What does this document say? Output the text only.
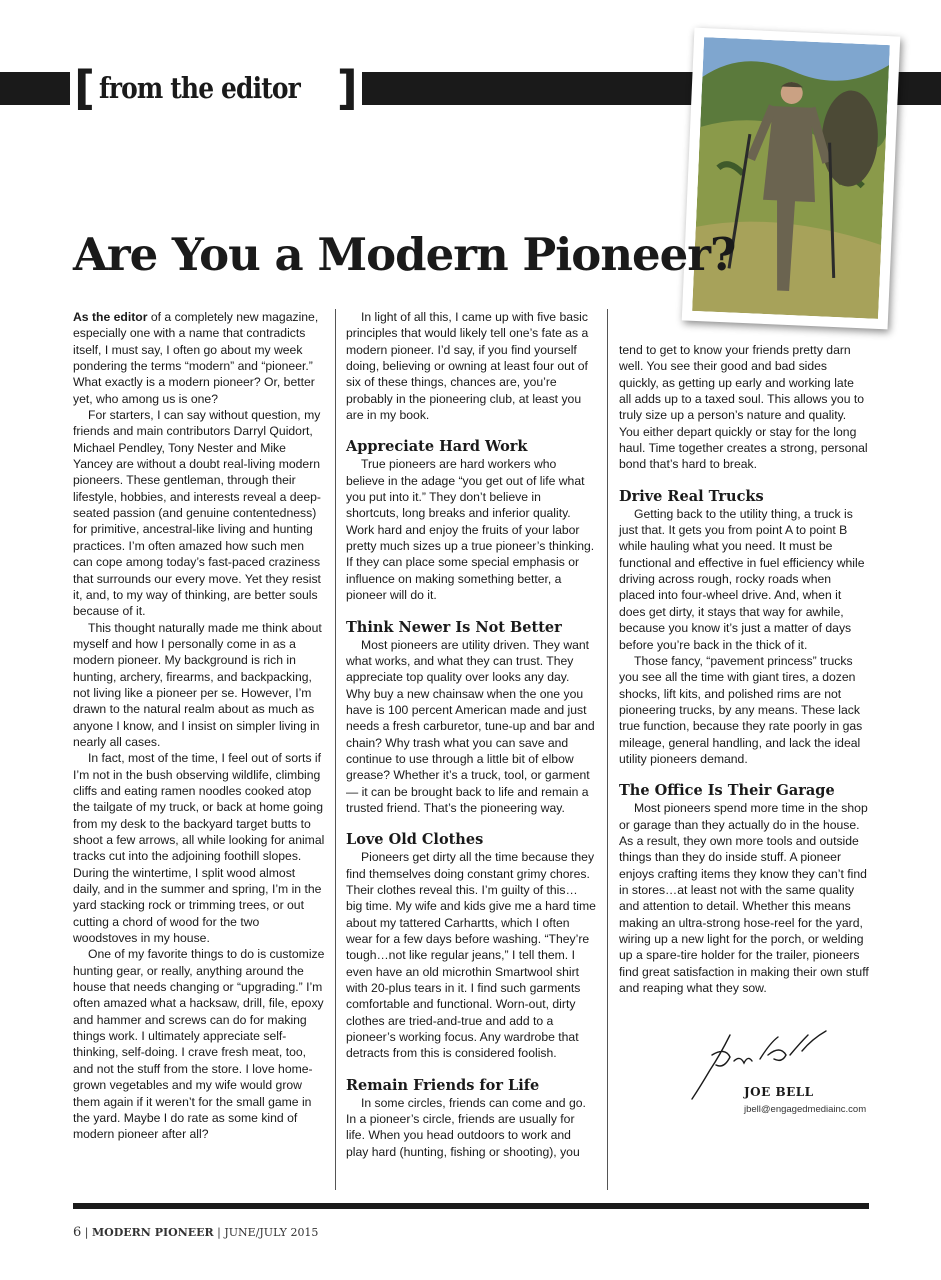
[ from the editor ]
Are You a Modern Pioneer?

As the editor of a completely new magazine, especially one with a name that contradicts itself, I must say, I often go about my week pondering the terms “modern” and “pioneer.” What exactly is a modern pioneer? Or, better yet, who among us is one?

For starters, I can say without question, my friends and main contributors Darryl Quidort, Michael Pendley, Tony Nester and Mike Yancey are without a doubt real-living modern pioneers. These gentleman, through their lifestyle, hobbies, and interests reveal a deep-seated passion (and genuine contentedness) for primitive, ancestral-like living and hunting practices. I’m often amazed how such men can cope among today’s fast-paced craziness that surrounds our every move. Yet they resist it, and, to my way of thinking, are better souls because of it.

This thought naturally made me think about myself and how I personally come in as a modern pioneer. My background is rich in hunting, archery, firearms, and backpacking, not living like a pioneer per se. However, I’m drawn to the natural realm about as much as anyone I know, and I insist on simpler living in nearly all cases.

In fact, most of the time, I feel out of sorts if I’m not in the bush observing wildlife, climbing cliffs and eating ramen noodles cooked atop the tailgate of my truck, or back at home going from my desk to the backyard target butts to shoot a few arrows, all while looking for animal tracks cut into the adjoining foothill slopes. During the wintertime, I split wood almost daily, and in the summer and spring, I’m in the yard stacking rock or trimming trees, or out cutting a chord of wood for the two woodstoves in my house.

One of my favorite things to do is customize hunting gear, or really, anything around the house that needs changing or “upgrading.” I’m often amazed what a hacksaw, drill, file, epoxy and hammer and screws can do for making things work. I ultimately appreciate self-thinking, self-doing. I crave fresh meat, too, and not the stuff from the store. I love home-grown vegetables and my wife would grow them again if it weren’t for the small game in the yard. Maybe I do rate as some kind of modern pioneer after all?

In light of all this, I came up with five basic principles that would likely tell one’s fate as a modern pioneer. I’d say, if you find yourself doing, believing or owning at least four out of six of these things, chances are, you’re probably in the pioneering club, at least you are in my book.

Appreciate Hard Work

True pioneers are hard workers who believe in the adage “you get out of life what you put into it.” They don’t believe in shortcuts, long breaks and inferior quality. Work hard and enjoy the fruits of your labor pretty much sizes up a true pioneer’s thinking. If they can place some special emphasis or influence on making something better, a pioneer will do it.

Think Newer Is Not Better

Most pioneers are utility driven. They want what works, and what they can trust. They appreciate top quality over looks any day. Why buy a new chainsaw when the one you have is 100 percent American made and just needs a fresh carburetor, tune-up and bar and chain? Why trash what you can save and continue to use through a little bit of elbow grease? Whether it’s a truck, tool, or garment — it can be brought back to life and remain a trusted friend. That’s the pioneering way.

Love Old Clothes

Pioneers get dirty all the time because they find themselves doing constant grimy chores. Their clothes reveal this. I’m guilty of this… big time. My wife and kids give me a hard time about my tattered Carhartts, which I often wear for a few days before washing. “They’re tough…not like regular jeans,” I tell them. I even have an old microthin Smartwool shirt with 20-plus tears in it. I find such garments comfortable and functional. Worn-out, dirty clothes are tried-and-true and add to a pioneer’s working focus. Any wardrobe that detracts from this is considered foolish.

Remain Friends for Life

In some circles, friends can come and go. In a pioneer’s circle, friends are usually for life. When you head outdoors to work and play hard (hunting, fishing or shooting), you

tend to get to know your friends pretty darn well. You see their good and bad sides quickly, as getting up early and working late all adds up to a taxed soul. This allows you to truly size up a person’s nature and quality. You either depart quickly or stay for the long haul. Time together creates a strong, personal bond that’s hard to break.

Drive Real Trucks

Getting back to the utility thing, a truck is just that. It gets you from point A to point B while hauling what you need. It must be functional and effective in fuel efficiency while driving across rough, rocky roads when placed into four-wheel drive. And, when it does get dirty, it stays that way for awhile, because you know it’s just a matter of days before you’re back in the thick of it.

Those fancy, “pavement princess” trucks you see all the time with giant tires, a dozen shocks, lift kits, and polished rims are not pioneering trucks, by any means. These lack true function, because they rate poorly in gas mileage, general handling, and lack the ideal utility pioneers demand.

The Office Is Their Garage

Most pioneers spend more time in the shop or garage than they actually do in the house. As a result, they own more tools and outside things than they do inside stuff. A pioneer enjoys crafting items they know they can’t find in stores…at least not with the same quality and attention to detail. Whether this means making an ultra-strong hose-reel for the yard, wiring up a new light for the porch, or welding up a spare-tire holder for the trailer, pioneers find great satisfaction in making their own stuff and reaping what they sow.

JOE BELL
jbell@engagedmediainc.com
6 | MODERN PIONEER | JUNE/JULY 2015
